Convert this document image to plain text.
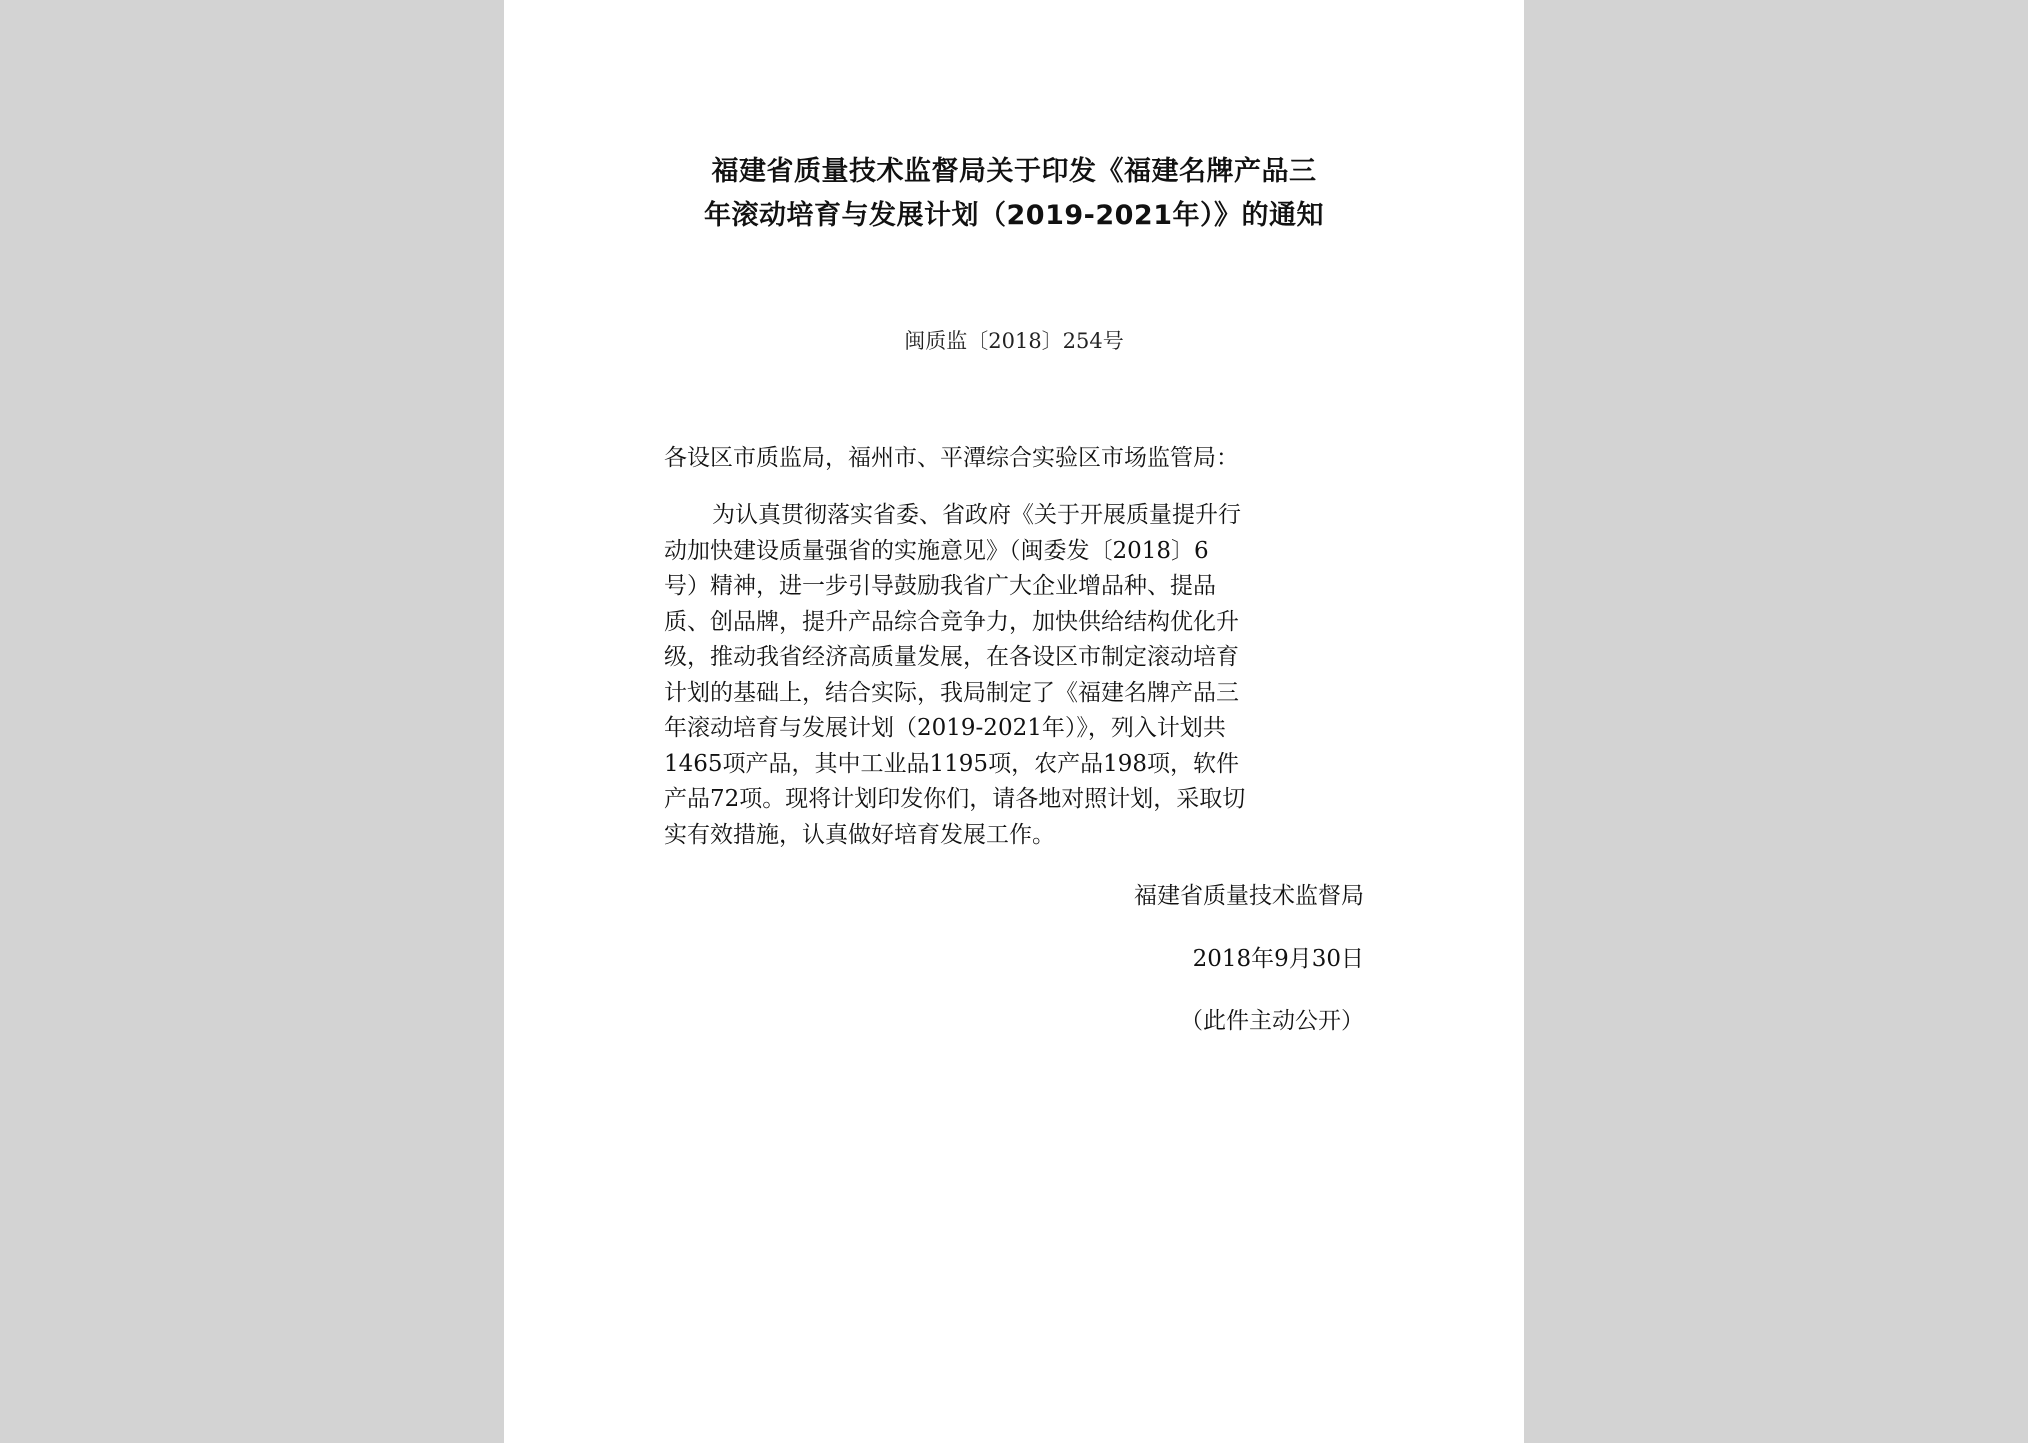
福建省质量技术监督局关于印发《福建名牌产品三
年滚动培育与发展计划（2019-2021年）》的通知
闽质监〔2018〕254号
各设区市质监局，福州市、平潭综合实验区市场监管局：
为认真贯彻落实省委、省政府《关于开展质量提升行
动加快建设质量强省的实施意见》（闽委发〔2018〕6
号）精神，进一步引导鼓励我省广大企业增品种、提品
质、创品牌，提升产品综合竞争力，加快供给结构优化升
级，推动我省经济高质量发展，在各设区市制定滚动培育
计划的基础上，结合实际，我局制定了《福建名牌产品三
年滚动培育与发展计划（2019-2021年）》，列入计划共
1465项产品，其中工业品1195项，农产品198项，软件
产品72项。现将计划印发你们，请各地对照计划，采取切
实有效措施，认真做好培育发展工作。
福建省质量技术监督局
2018年9月30日
（此件主动公开）
